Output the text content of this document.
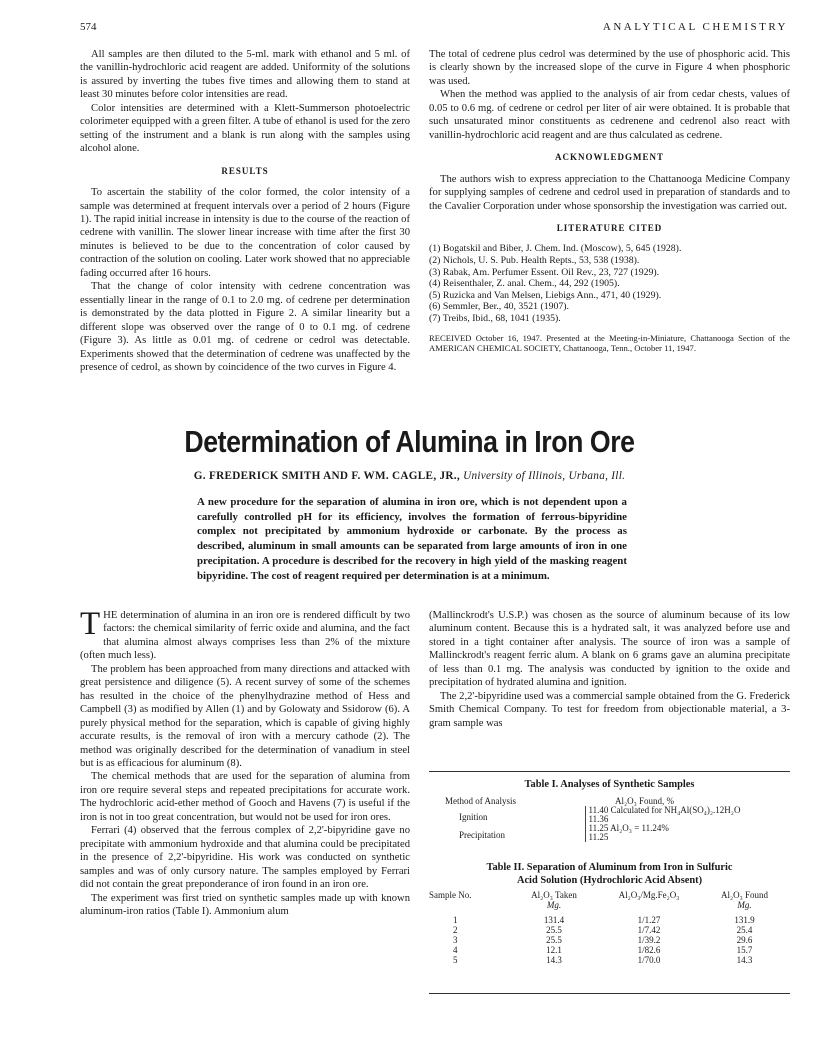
574	ANALYTICAL CHEMISTRY

All samples are then diluted to the 5-ml. mark with ethanol and 5 ml. of the vanillin-hydrochloric acid reagent are added. Uniformity of the solutions is assured by inverting the tubes five times and allowing them to stand at least 30 minutes before color intensities are read.

Color intensities are determined with a Klett-Summerson photoelectric colorimeter equipped with a green filter. A tube of ethanol is used for the zero setting of the instrument and a blank is run along with the samples using alcohol alone.

RESULTS

To ascertain the stability of the color formed, the color intensity of a sample was determined at frequent intervals over a period of 2 hours (Figure 1). The rapid initial increase in intensity is due to the course of the reaction of cedrene with vanillin. The slower linear increase with time after the first 30 minutes is believed to be due to the concentration of color caused by contraction of the solution on cooling. Later work showed that no appreciable fading occurred after 16 hours.

That the change of color intensity with cedrene concentration was essentially linear in the range of 0.1 to 2.0 mg. of cedrene per determination is demonstrated by the data plotted in Figure 2. A similar linearity but a different slope was observed over the range of 0 to 0.1 mg. of cedrene (Figure 3). As little as 0.01 mg. of cedrene or cedrol was detectable. Experiments showed that the determination of cedrene was unaffected by the presence of cedrol, as shown by coincidence of the two curves in Figure 4.

The total of cedrene plus cedrol was determined by the use of phosphoric acid. This is clearly shown by the increased slope of the curve in Figure 4 when phosphoric was used.

When the method was applied to the analysis of air from cedar chests, values of 0.05 to 0.6 mg. of cedrene or cedrol per liter of air were obtained. It is probable that such unsaturated minor constituents as cedrenene and cedrenol also react with vanillin-hydrochloric acid reagent and are thus calculated as cedrene.

ACKNOWLEDGMENT

The authors wish to express appreciation to the Chattanooga Medicine Company for supplying samples of cedrene and cedrol used in preparation of standards and to the Cavalier Corporation under whose sponsorship the investigation was carried out.

LITERATURE CITED

(1) Bogatskil and Biber, J. Chem. Ind. (Moscow), 5, 645 (1928).
(2) Nichols, U. S. Pub. Health Repts., 53, 538 (1938).
(3) Rabak, Am. Perfumer Essent. Oil Rev., 23, 727 (1929).
(4) Reisenthaler, Z. anal. Chem., 44, 292 (1905).
(5) Ruzicka and Van Melsen, Liebigs Ann., 471, 40 (1929).
(6) Semmler, Ber., 40, 3521 (1907).
(7) Treibs, Ibid., 68, 1041 (1935).

RECEIVED October 16, 1947. Presented at the Meeting-in-Miniature, Chattanooga Section of the AMERICAN CHEMICAL SOCIETY, Chattanooga, Tenn., October 11, 1947.

Determination of Alumina in Iron Ore
G. FREDERICK SMITH AND F. WM. CAGLE, JR., University of Illinois, Urbana, Ill.
A new procedure for the separation of alumina in iron ore, which is not dependent upon a carefully controlled pH for its efficiency, involves the formation of ferrous-bipyridine complex not precipitated by ammonium hydroxide or carbonate. By the process as described, aluminum in small amounts can be separated from large amounts of iron in one precipitation. A procedure is described for the recovery in high yield of the masking reagent bipyridine. The cost of reagent required per determination is at a minimum.

THE determination of alumina in an iron ore is rendered difficult by two factors: the chemical similarity of ferric oxide and alumina, and the fact that alumina almost always comprises less than 2% of the mixture (often much less).

The problem has been approached from many directions and attacked with great persistence and diligence (5). A recent survey of some of the schemes has resulted in the choice of the phenylhydrazine method of Hess and Campbell (3) as modified by Allen (1) and by Golowaty and Ssidorow (6). A purely physical method for the separation, which is capable of giving highly accurate results, is the removal of iron with a mercury cathode (2). The method was originally described for the determination of vanadium in steel but is as efficacious for aluminum (8).

The chemical methods that are used for the separation of alumina from iron ore require several steps and repeated precipitations for accurate work. The hydrochloric acid-ether method of Gooch and Havens (7) is useful if the iron is not in too great concentration, but would not be used for iron ores.

Ferrari (4) observed that the ferrous complex of 2,2'-bipyridine gave no precipitate with ammonium hydroxide and that alumina could be precipitated in the presence of 2,2'-bipyridine. His work was conducted on synthetic samples and was of only cursory nature. The samples employed by Ferrari did not contain the great preponderance of iron found in an iron ore.

The experiment was first tried on synthetic samples made up with known aluminum-iron ratios (Table I). Ammonium alum

(Mallinckrodt's U.S.P.) was chosen as the source of aluminum because of its low aluminum content. Because this is a hydrated salt, it was analyzed before use and stored in a tight container after analysis. The source of iron was a sample of Mallinckrodt's reagent ferric alum. A blank on 6 grams gave an alumina precipitate of less than 0.1 mg. The analysis was conducted by ignition to the oxide and precipitation of hydrated alumina and ignition.

The 2,2'-bipyridine used was a commercial sample obtained from the G. Frederick Smith Chemical Company. To test for freedom from objectionable material, a 3-gram sample was

Table I. Analyses of Synthetic Samples
Method of Analysis	Al₂O₃ Found, %
Ignition	11.40 Calculated for NH₄Al(SO₄)₂.12H₂O
11.36

Precipitation	11.25 Al₂O₃ = 11.24%
11.25
Table II. Separation of Aluminum from Iron in Sulfuric
Acid Solution (Hydrochloric Acid Absent)
Sample No.	Al₂O₃ Taken	Al₂O₃/Mg.Fe₂O₃	Al₂O₃ Found
	Mg.		Mg.

1	131.4	1/1.27	131.9
2	25.5	1/7.42	25.4
3	25.5	1/39.2	29.6
4	12.1	1/82.6	15.7
5	14.3	1/70.0	14.3
